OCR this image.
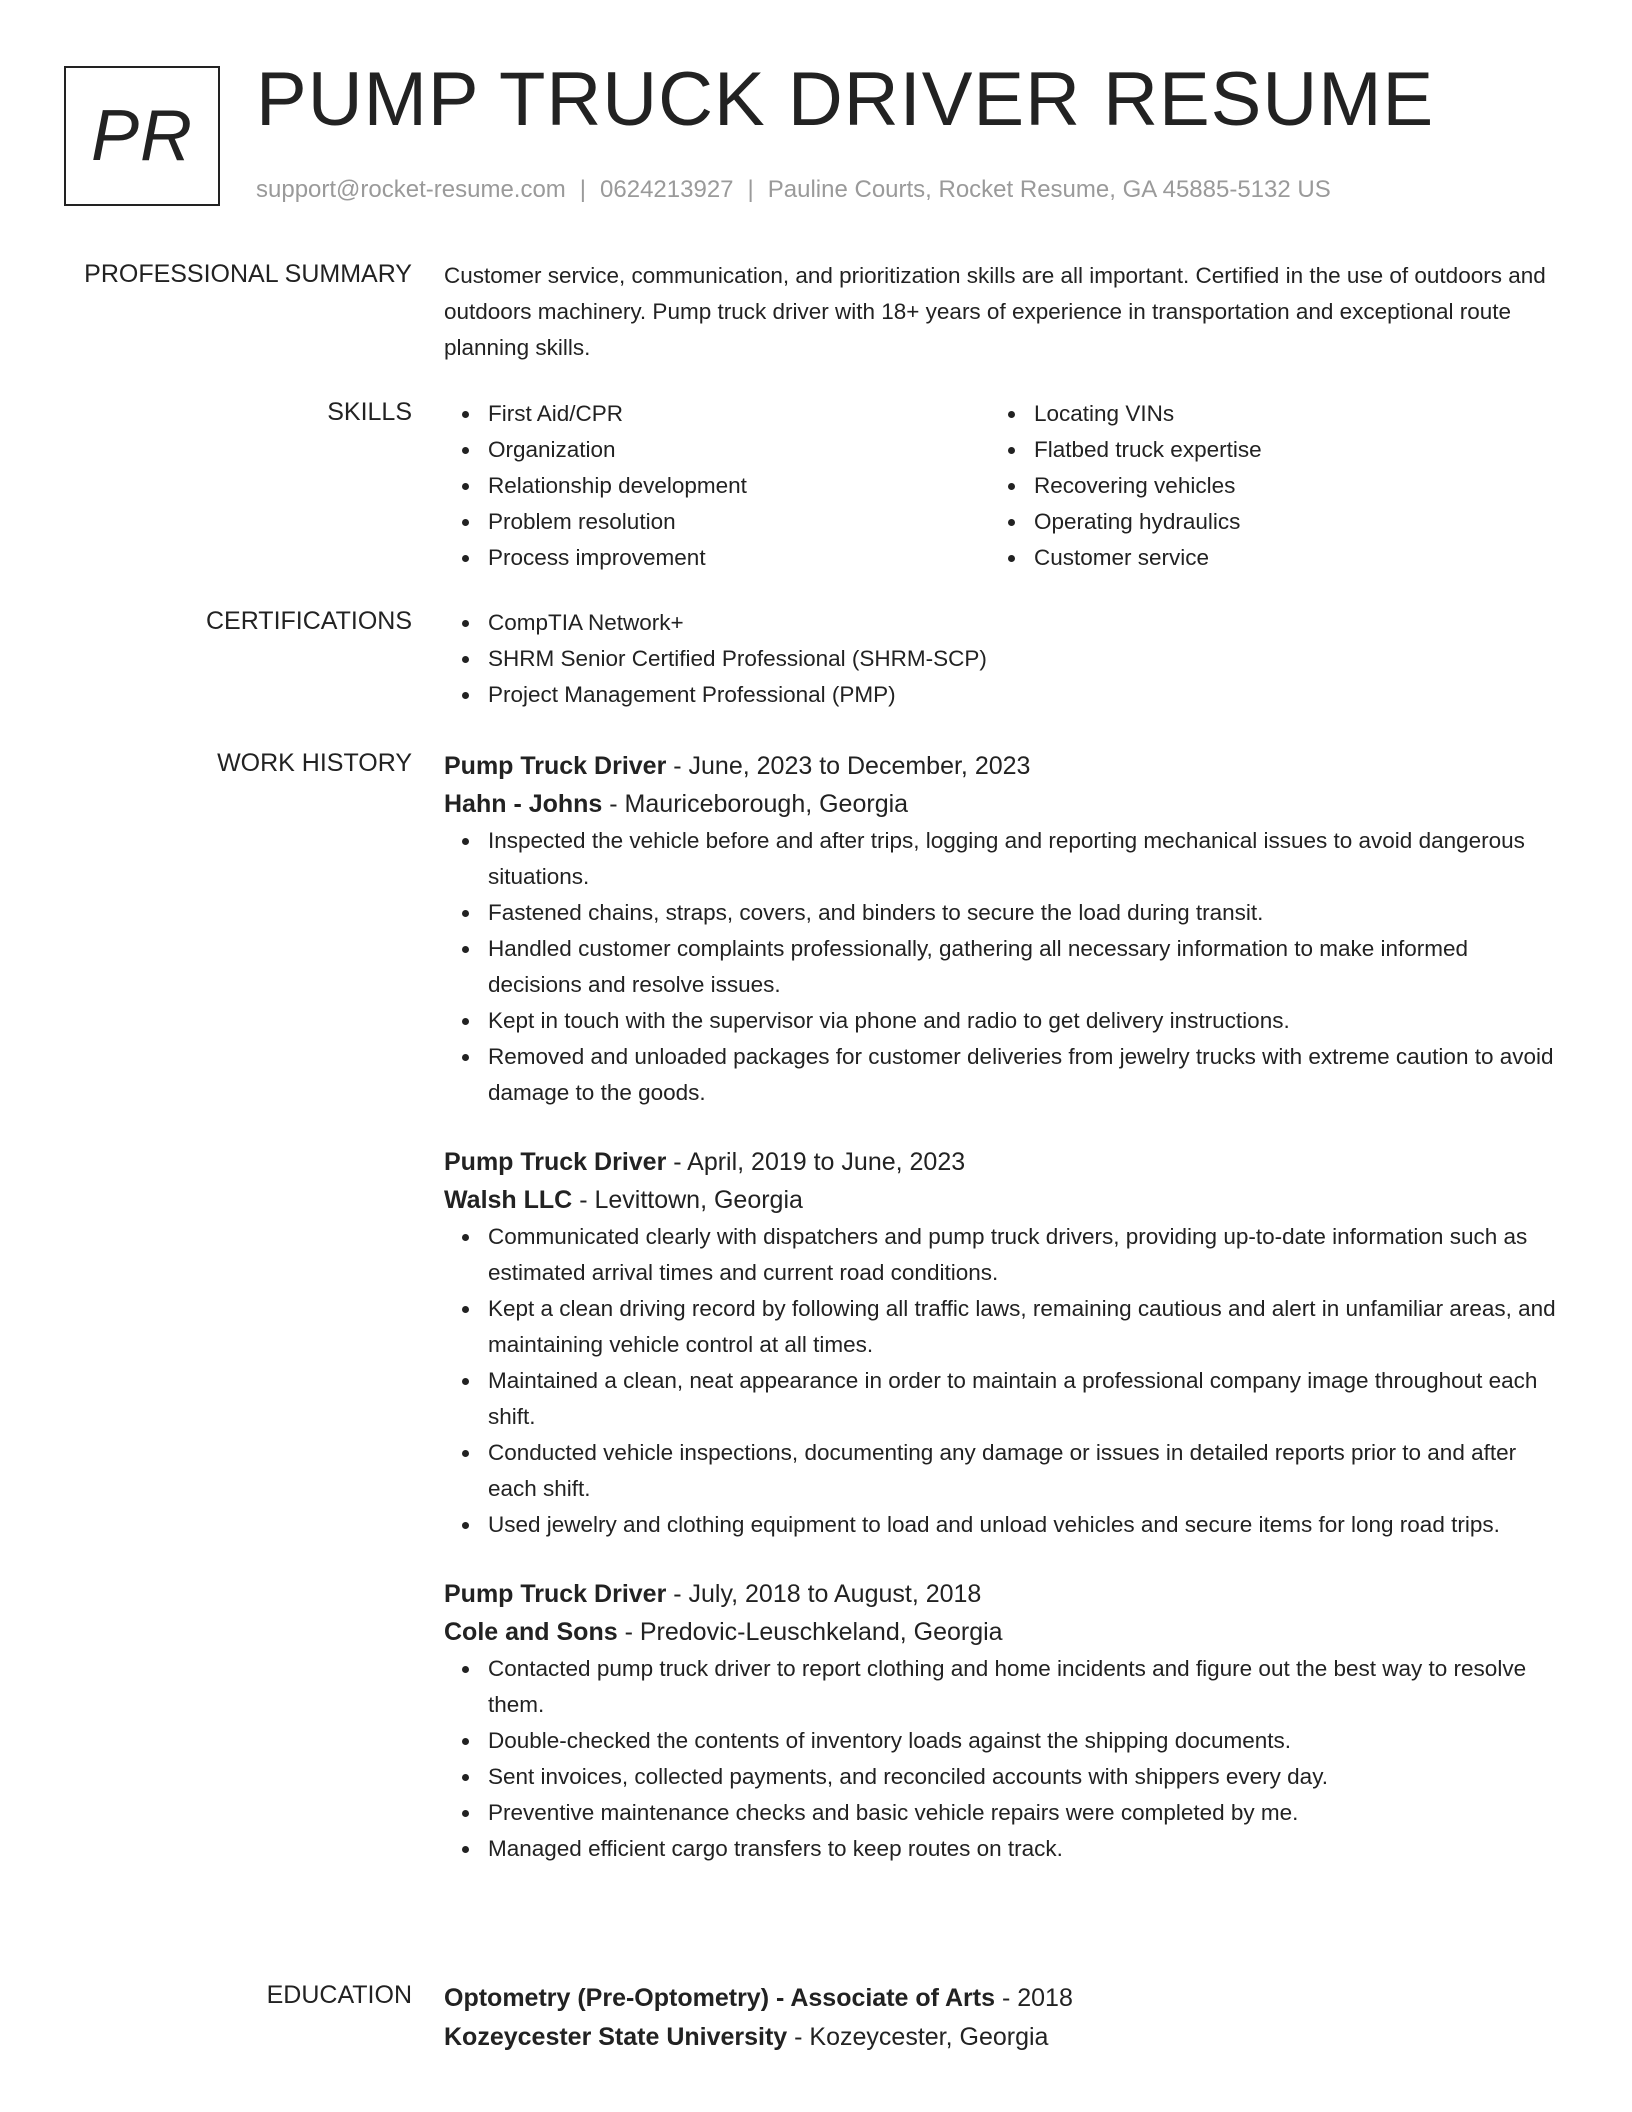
PR PUMP TRUCK DRIVER RESUME
support@rocket-resume.com | 0624213927 | Pauline Courts, Rocket Resume, GA 45885-5132 US
PROFESSIONAL SUMMARY Customer service, communication, and prioritization skills are all important. Certified in the use of outdoors and outdoors machinery. Pump truck driver with 18+ years of experience in transportation and exceptional route planning skills.

SKILLS	First Aid/CPR
Organization
Relationship development
Problem resolution
Process improvement
Locating VINs
Flatbed truck expertise
Recovering vehicles
Operating hydraulics
Customer service
CERTIFICATIONS	CompTIA Network+
SHRM Senior Certified Professional (SHRM-SCP)
Project Management Professional (PMP)
WORK HISTORY Pump Truck Driver - June, 2023 to December, 2023
Hahn - Johns - Mauriceborough, Georgia
Inspected the vehicle before and after trips, logging and reporting mechanical issues to avoid dangerous situations.
Fastened chains, straps, covers, and binders to secure the load during transit.
Handled customer complaints professionally, gathering all necessary information to make informed decisions and resolve issues.
Kept in touch with the supervisor via phone and radio to get delivery instructions.
Removed and unloaded packages for customer deliveries from jewelry trucks with extreme caution to avoid damage to the goods.
Pump Truck Driver - April, 2019 to June, 2023
Walsh LLC - Levittown, Georgia
Communicated clearly with dispatchers and pump truck drivers, providing up-to-date information such as estimated arrival times and current road conditions.
Kept a clean driving record by following all traffic laws, remaining cautious and alert in unfamiliar areas, and maintaining vehicle control at all times.
Maintained a clean, neat appearance in order to maintain a professional company image throughout each shift.
Conducted vehicle inspections, documenting any damage or issues in detailed reports prior to and after each shift.
Used jewelry and clothing equipment to load and unload vehicles and secure items for long road trips.
Pump Truck Driver - July, 2018 to August, 2018
Cole and Sons - Predovic-Leuschkeland, Georgia
Contacted pump truck driver to report clothing and home incidents and figure out the best way to resolve them.
Double-checked the contents of inventory loads against the shipping documents.
Sent invoices, collected payments, and reconciled accounts with shippers every day.
Preventive maintenance checks and basic vehicle repairs were completed by me.
Managed efficient cargo transfers to keep routes on track.
EDUCATION Optometry (Pre-Optometry) - Associate of Arts - 2018
Kozeycester State University - Kozeycester, Georgia
